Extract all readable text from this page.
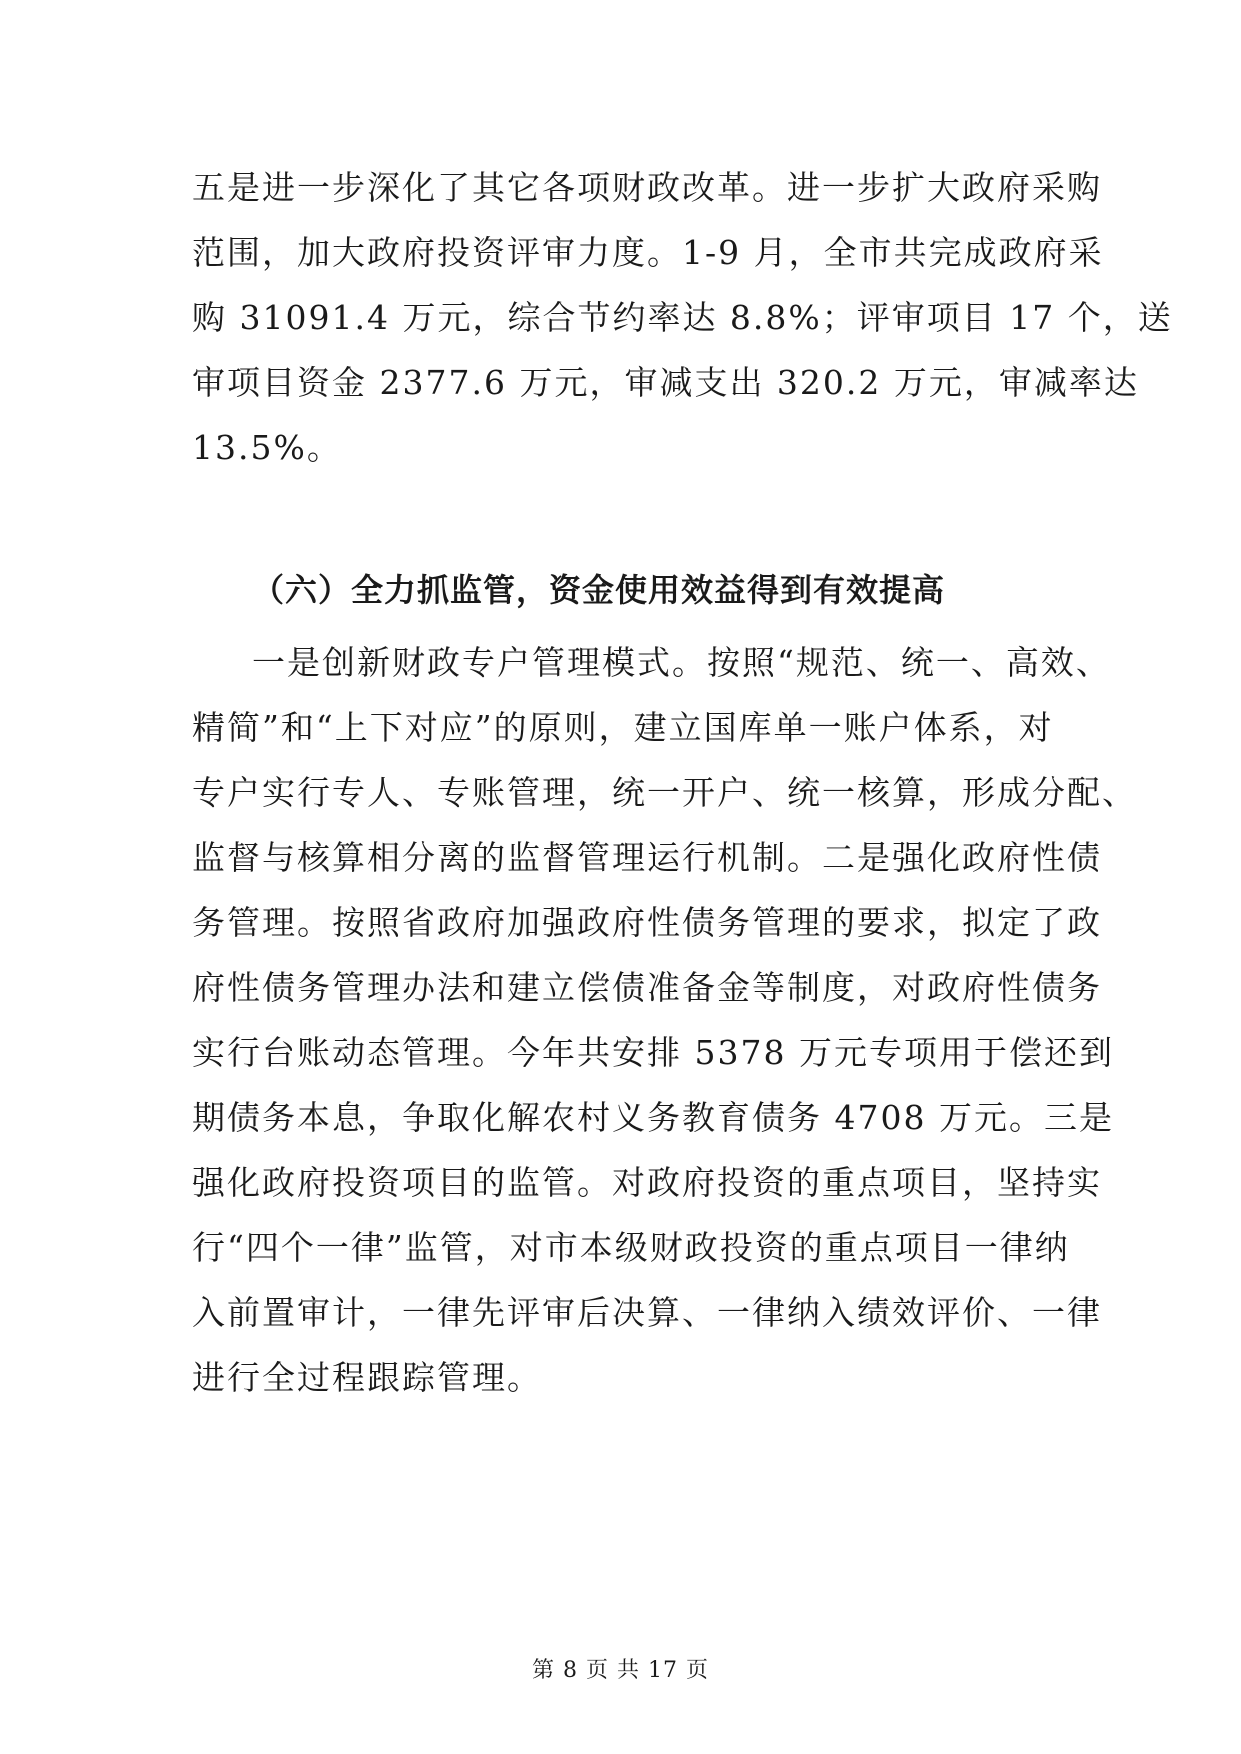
五是进一步深化了其它各项财政改革。进一步扩大政府采购
范围，加大政府投资评审力度。1-9 月，全市共完成政府采
购 31091.4 万元，综合节约率达 8.8%；评审项目 17 个，送
审项目资金 2377.6 万元，审减支出 320.2 万元，审减率达
13.5%。
（六）全力抓监管，资金使用效益得到有效提高
一是创新财政专户管理模式。按照“规范、统一、高效、
精简”和“上下对应”的原则，建立国库单一账户体系，对
专户实行专人、专账管理，统一开户、统一核算，形成分配、
监督与核算相分离的监督管理运行机制。二是强化政府性债
务管理。按照省政府加强政府性债务管理的要求，拟定了政
府性债务管理办法和建立偿债准备金等制度，对政府性债务
实行台账动态管理。今年共安排 5378 万元专项用于偿还到
期债务本息，争取化解农村义务教育债务 4708 万元。三是
强化政府投资项目的监管。对政府投资的重点项目，坚持实
行“四个一律”监管，对市本级财政投资的重点项目一律纳
入前置审计，一律先评审后决算、一律纳入绩效评价、一律
进行全过程跟踪管理。
第 8 页 共 17 页
